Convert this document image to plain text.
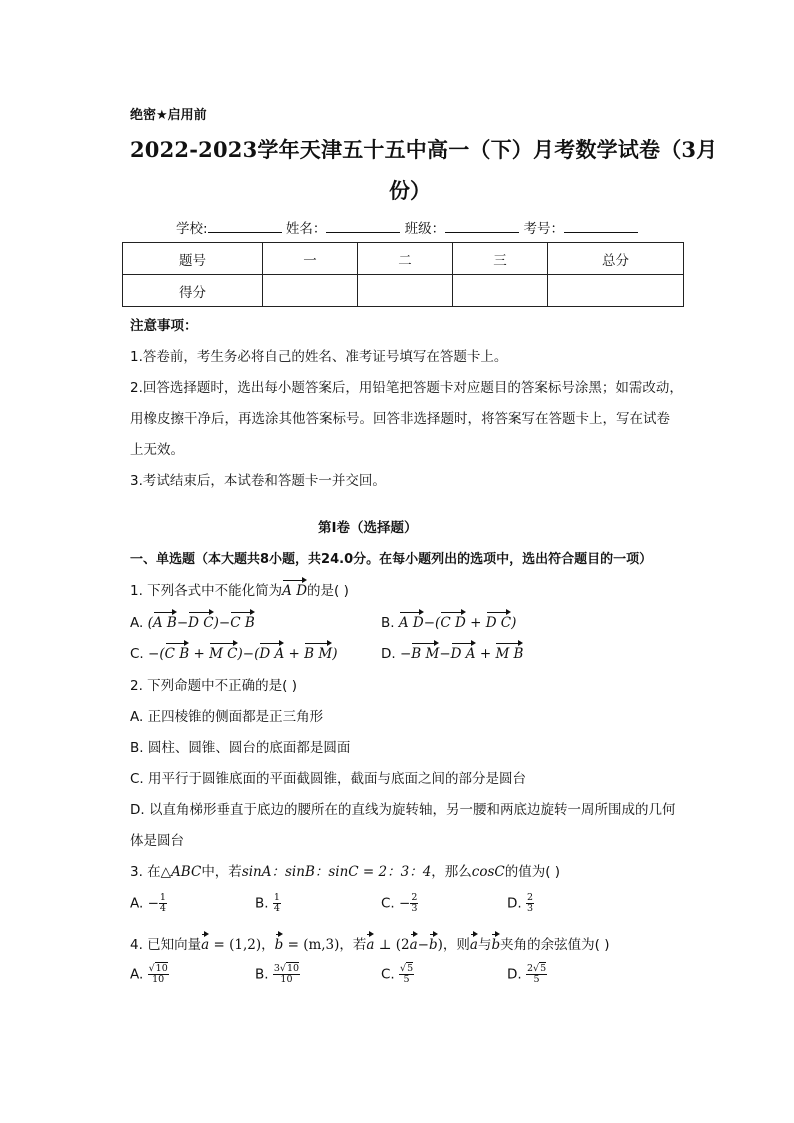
绝密★启用前
2022-2023学年天津五十五中高一（下）月考数学试卷（3月
份）
学校:	姓名：	班级：	考号：
题号	一	二	三	总分
得分				
注意事项：
1.答卷前，考生务必将自己的姓名、准考证号填写在答题卡上。
2.回答选择题时，选出每小题答案后，用铅笔把答题卡对应题目的答案标号涂黑；如需改动，
用橡皮擦干净后，再选涂其他答案标号。回答非选择题时，将答案写在答题卡上，写在试卷
上无效。
3.考试结束后，本试卷和答题卡一并交回。
第I卷（选择题）
一、单选题（本大题共8小题，共24.0分。在每小题列出的选项中，选出符合题目的一项）
1. 下列各式中不能化简为A D的是( )
A. (A B−D C)−C B	B. A D−(C D + D C)
C. −(C B + M C)−(D A + B M)	D. −B M−D A + M B
2. 下列命题中不正确的是( )
A. 正四棱锥的侧面都是正三角形
B. 圆柱、圆锥、圆台的底面都是圆面
C. 用平行于圆锥底面的平面截圆锥，截面与底面之间的部分是圆台
D. 以直角梯形垂直于底边的腰所在的直线为旋转轴，另一腰和两底边旋转一周所围成的几何
体是圆台
3. 在△ABC中，若sinA：sinB：sinC = 2：3：4，那么cosC的值为( )
A. − $\frac{1}{4}$	B. $\frac{1}{4}$	C. − $\frac{2}{3}$	D. $\frac{2}{3}$
4. 已知向量a = (1,2)，b = (m,3)，若a ⊥ (2a−b)，则a与b夹角的余弦值为( )
A. $\frac{√10}{10}$	B. $\frac{3√10}{10}$	C. $\frac{√5}{5}$	D. $\frac{2√5}{5}$
